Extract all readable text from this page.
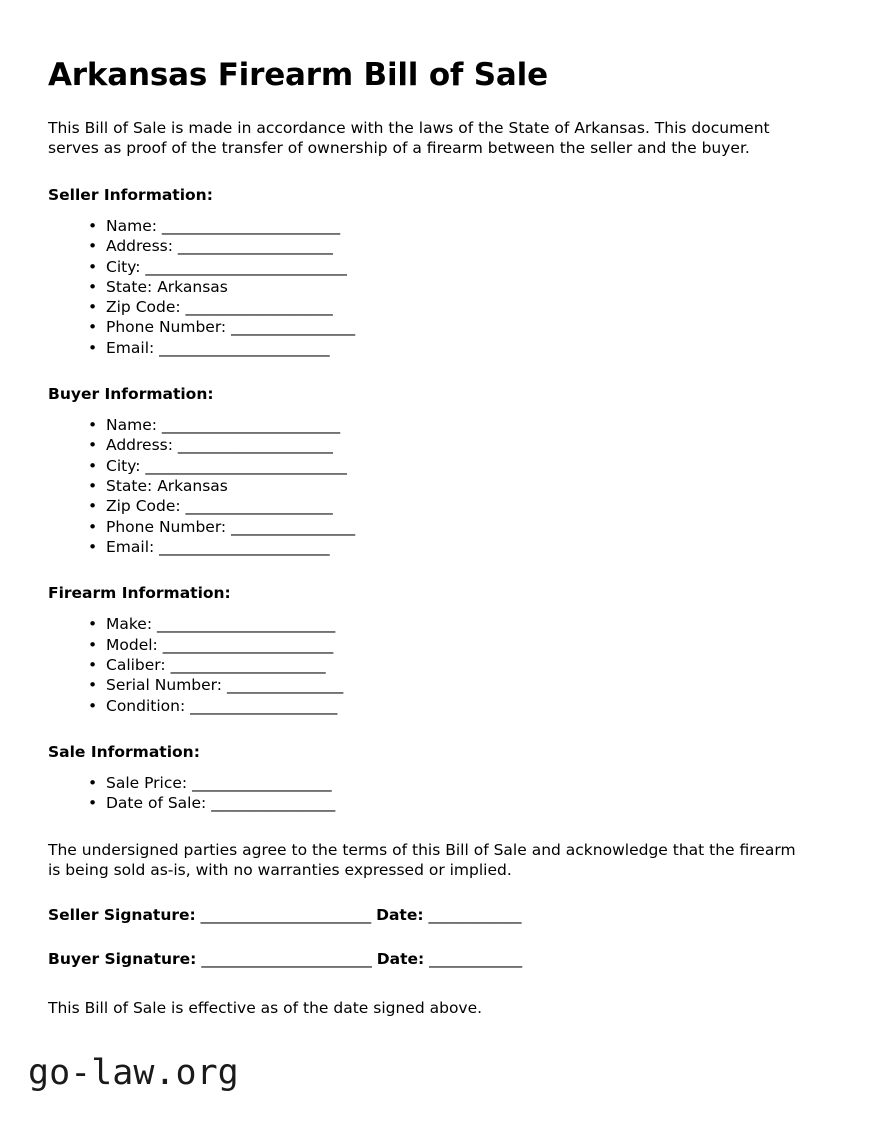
Arkansas Firearm Bill of Sale

This Bill of Sale is made in accordance with the laws of the State of Arkansas. This document serves as proof of the transfer of ownership of a firearm between the seller and the buyer.

Seller Information:
• Name: _______________________
• Address: ____________________
• City: __________________________
• State: Arkansas
• Zip Code: ___________________
• Phone Number: ________________
• Email: ______________________
Buyer Information:
• Name: _______________________
• Address: ____________________
• City: __________________________
• State: Arkansas
• Zip Code: ___________________
• Phone Number: ________________
• Email: ______________________
Firearm Information:
• Make: _______________________
• Model: ______________________
• Caliber: ____________________
• Serial Number: _______________
• Condition: ___________________
Sale Information:
• Sale Price: __________________
• Date of Sale: ________________

The undersigned parties agree to the terms of this Bill of Sale and acknowledge that the firearm is being sold as-is, with no warranties expressed or implied.

Seller Signature: ______________________ Date: ____________
Buyer Signature: ______________________ Date: ____________

This Bill of Sale is effective as of the date signed above.

go-law.org
